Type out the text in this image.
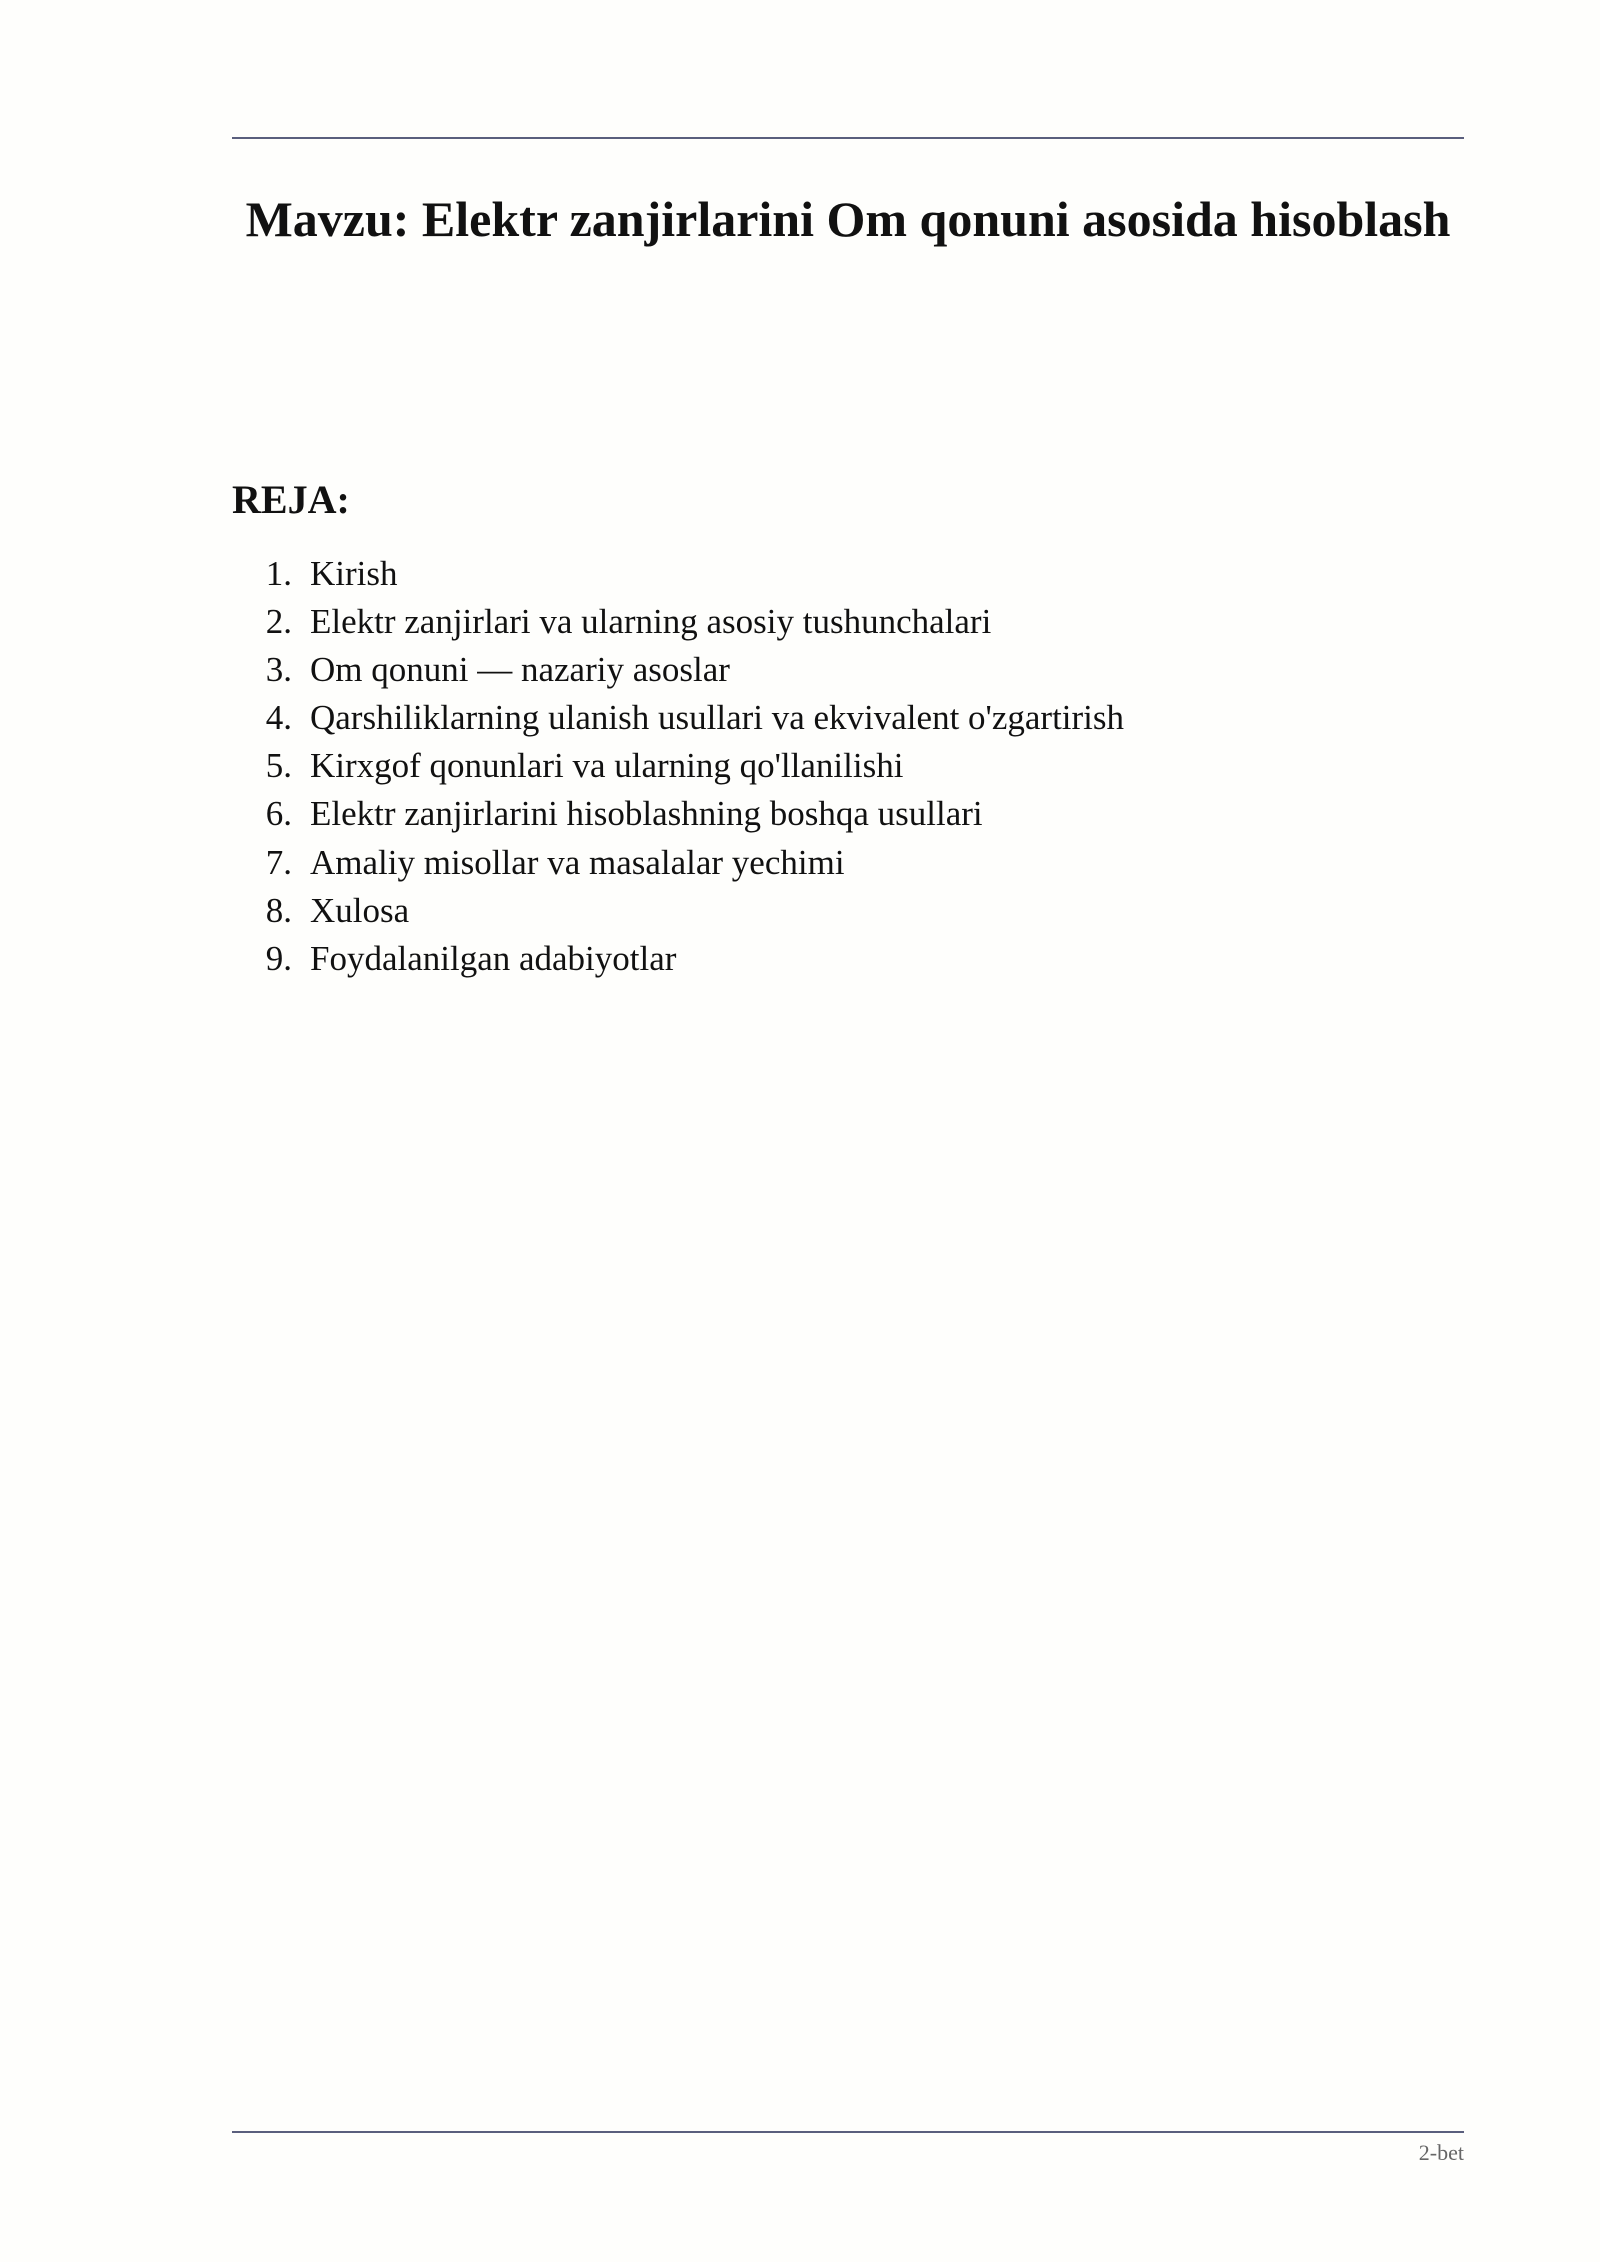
Mavzu: Elektr zanjirlarini Om qonuni asosida hisoblash
REJA:
1. Kirish
2. Elektr zanjirlari va ularning asosiy tushunchalari
3. Om qonuni — nazariy asoslar
4. Qarshiliklarning ulanish usullari va ekvivalent o'zgartirish
5. Kirxgof qonunlari va ularning qo'llanilishi
6. Elektr zanjirlarini hisoblashning boshqa usullari
7. Amaliy misollar va masalalar yechimi
8. Xulosa
9. Foydalanilgan adabiyotlar
2-bet
